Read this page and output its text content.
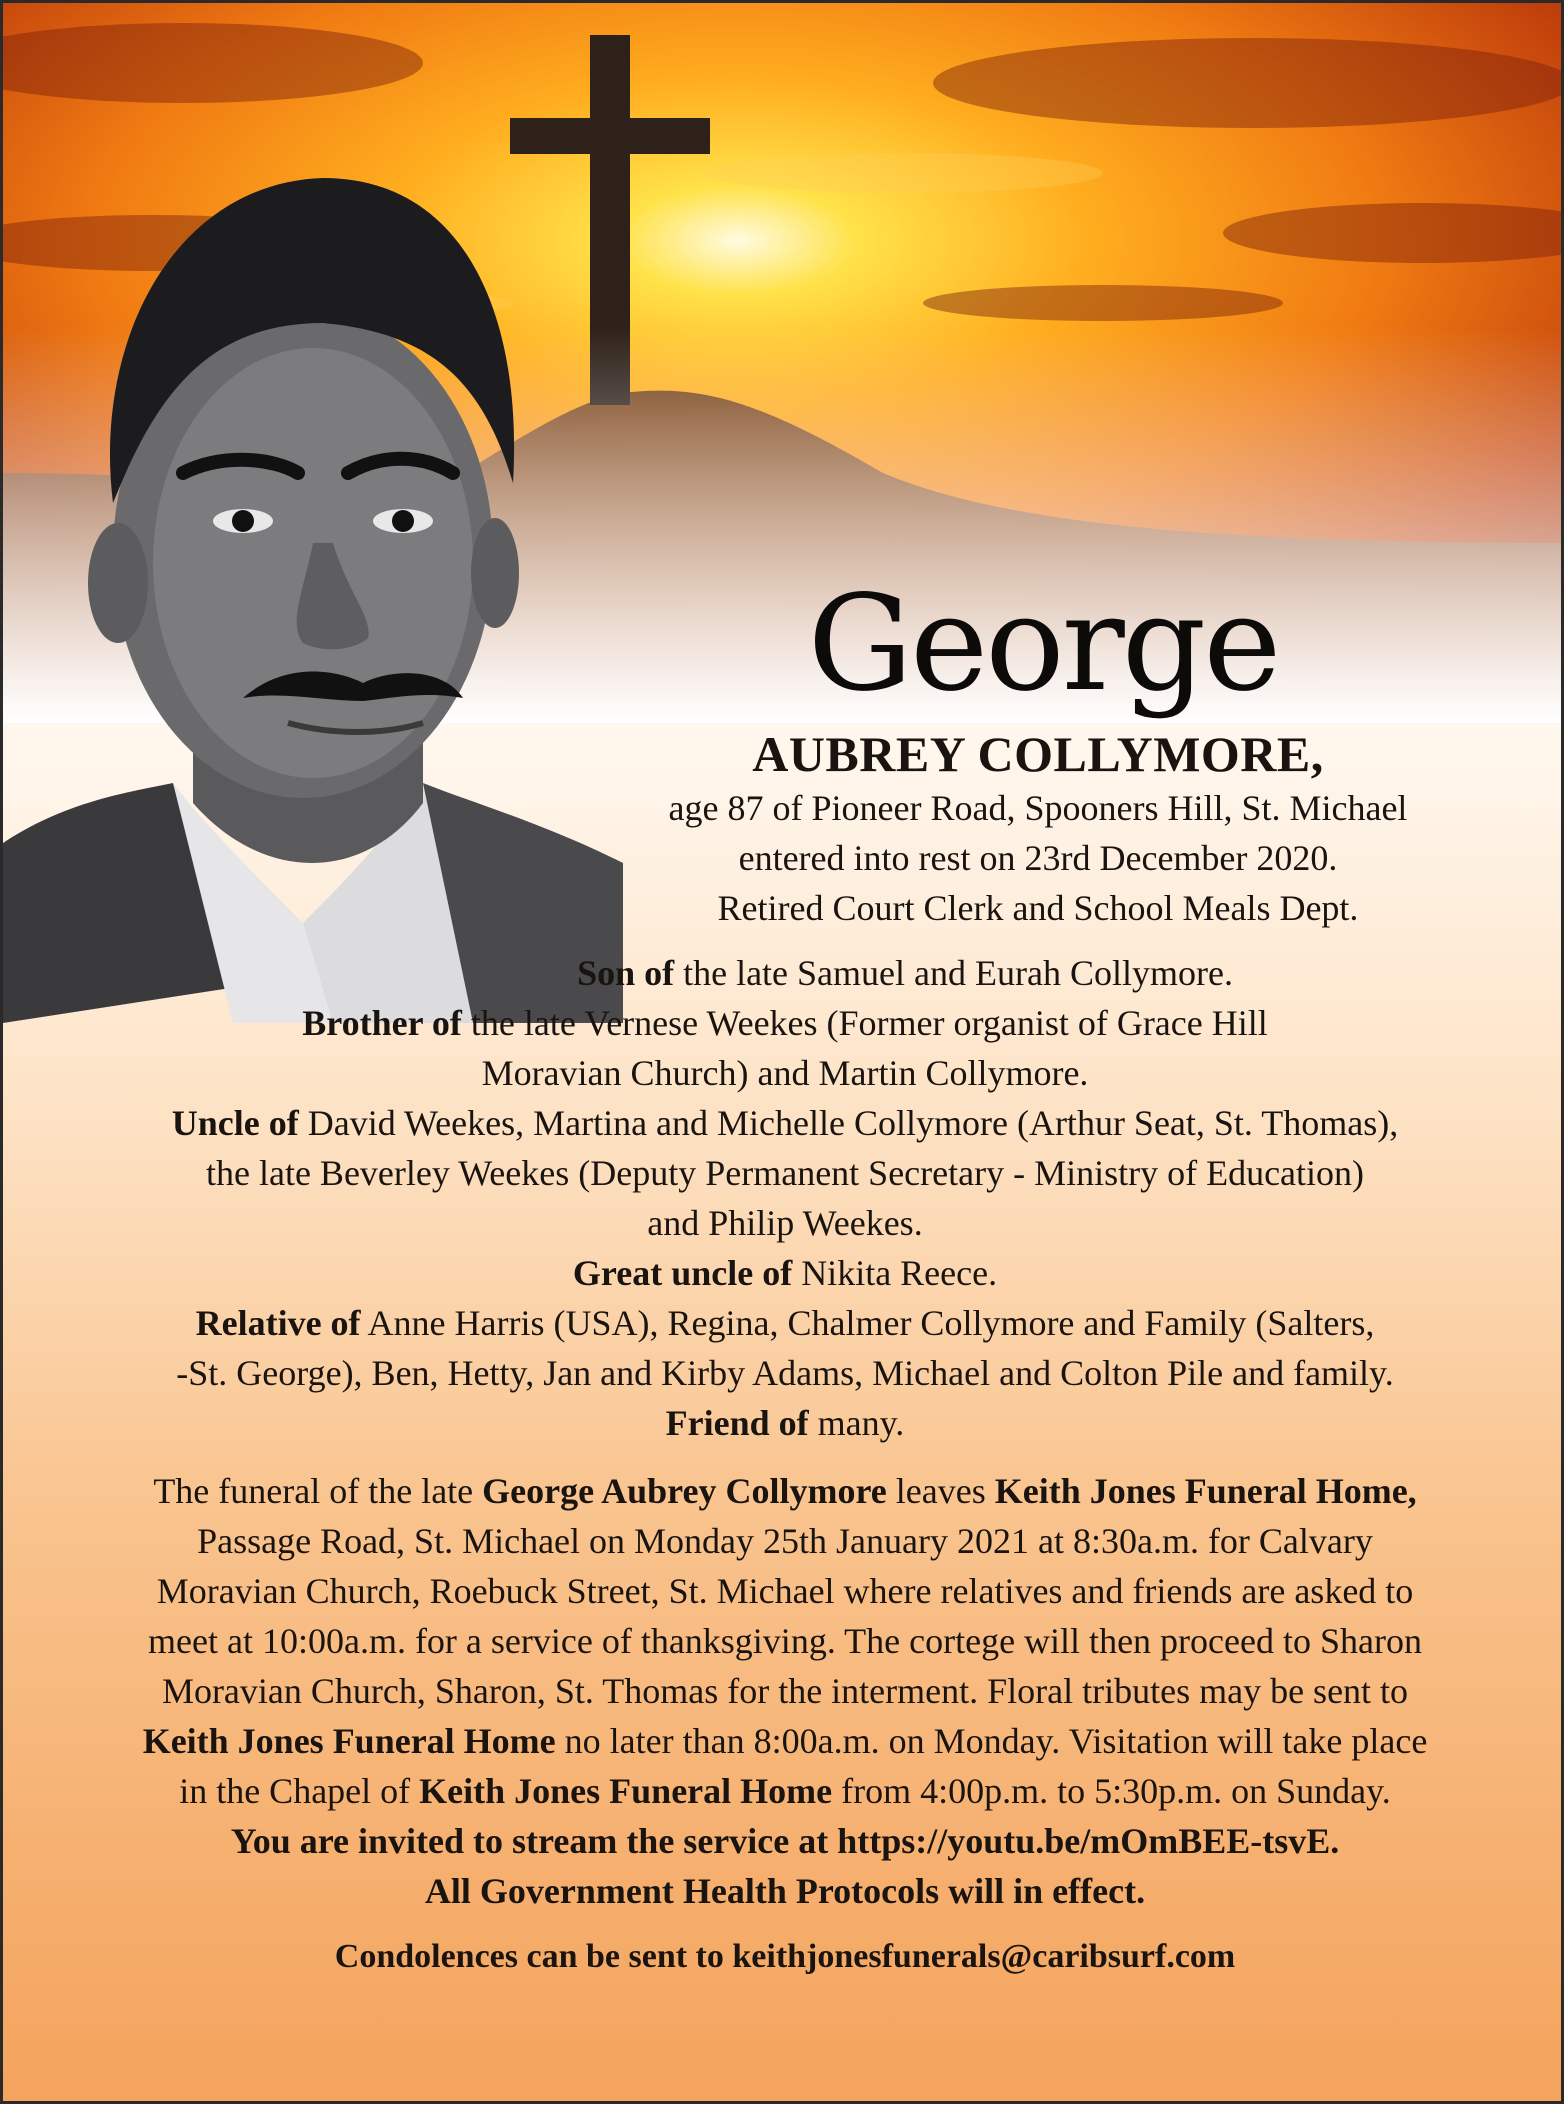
George
AUBREY COLLYMORE,
age 87 of Pioneer Road, Spooners Hill, St. Michael
entered into rest on 23rd December 2020.
Retired Court Clerk and School Meals Dept.
Son of the late Samuel and Eurah Collymore.
Brother of the late Vernese Weekes (Former organist of Grace Hill
Moravian Church) and Martin Collymore.
Uncle of David Weekes, Martina and Michelle Collymore (Arthur Seat, St. Thomas),
the late Beverley Weekes (Deputy Permanent Secretary - Ministry of Education)
and Philip Weekes.
Great uncle of Nikita Reece.
Relative of Anne Harris (USA), Regina, Chalmer Collymore and Family (Salters,
-St. George), Ben, Hetty, Jan and Kirby Adams, Michael and Colton Pile and family.
Friend of many.
The funeral of the late George Aubrey Collymore leaves Keith Jones Funeral Home,
Passage Road, St. Michael on Monday 25th January 2021 at 8:30a.m. for Calvary
Moravian Church, Roebuck Street, St. Michael where relatives and friends are asked to
meet at 10:00a.m. for a service of thanksgiving. The cortege will then proceed to Sharon
Moravian Church, Sharon, St. Thomas for the interment. Floral tributes may be sent to
Keith Jones Funeral Home no later than 8:00a.m. on Monday. Visitation will take place
in the Chapel of Keith Jones Funeral Home from 4:00p.m. to 5:30p.m. on Sunday.
You are invited to stream the service at https://youtu.be/mOmBEE-tsvE.
All Government Health Protocols will in effect.
Condolences can be sent to keithjonesfunerals@caribsurf.com
